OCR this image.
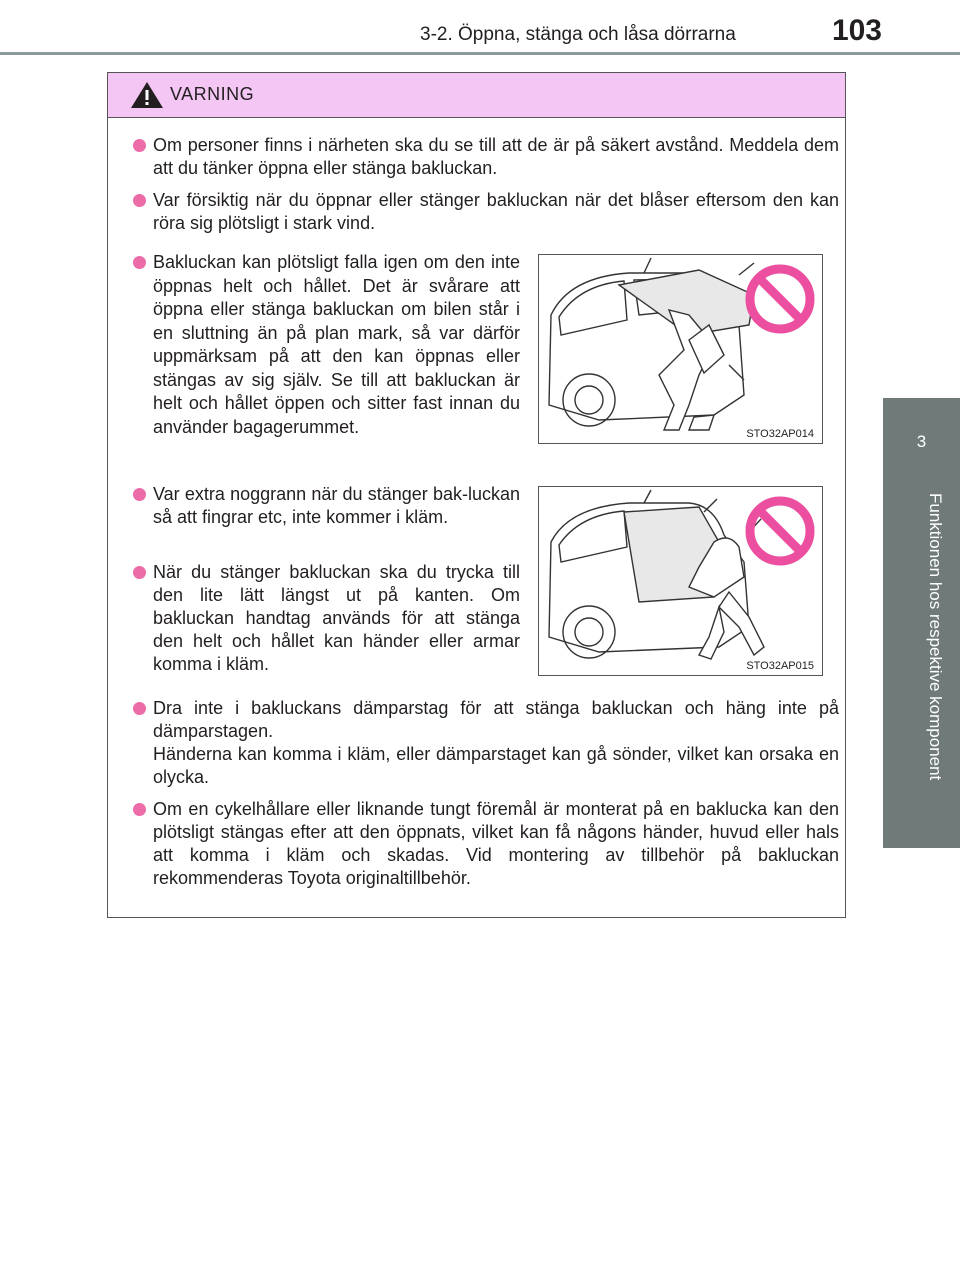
3-2. Öppna, stänga och låsa dörrarna	103
3
Funktionen hos respektive komponent
VARNING

Om personer finns i närheten ska du se till att de är på säkert avstånd. Meddela dem att du tänker öppna eller stänga bakluckan.

Var försiktig när du öppnar eller stänger bakluckan när det blåser eftersom den kan röra sig plötsligt i stark vind.

Bakluckan kan plötsligt falla igen om den inte öppnas helt och hållet. Det är svårare att öppna eller stänga bakluckan om bilen står i en sluttning än på plan mark, så var därför uppmärksam på att den kan öppnas eller stängas av sig själv. Se till att bakluckan är helt och hållet öppen och sitter fast innan du använder bagagerummet.	STO32AP014

Var extra noggrann när du stänger bak-luckan så att fingrar etc, inte kommer i kläm.

När du stänger bakluckan ska du trycka till den lite lätt längst ut på kanten. Om bakluckan handtag används för att stänga den helt och hållet kan händer eller armar komma i kläm.	STO32AP015

Dra inte i bakluckans dämparstag för att stänga bakluckan och häng inte på dämparstagen.

Händerna kan komma i kläm, eller dämparstaget kan gå sönder, vilket kan orsaka en olycka.

Om en cykelhållare eller liknande tungt föremål är monterat på en baklucka kan den plötsligt stängas efter att den öppnats, vilket kan få någons händer, huvud eller hals att komma i kläm och skadas. Vid montering av tillbehör på bakluckan rekommenderas Toyota originaltillbehör.
